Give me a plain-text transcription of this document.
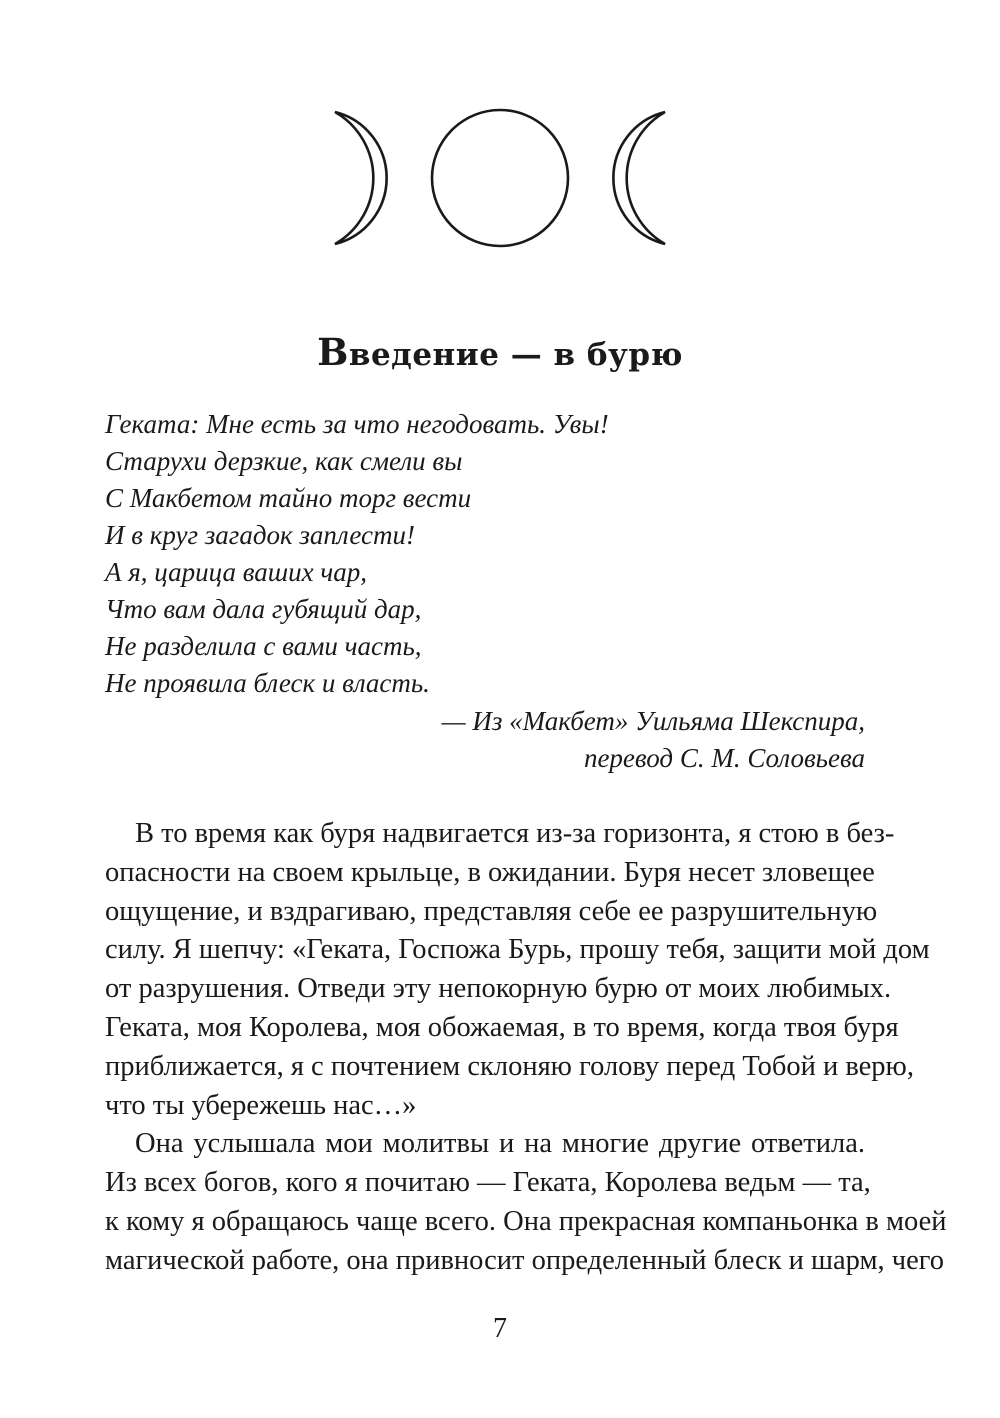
Введение — в бурю
Геката: Мне есть за что негодовать. Увы!
Старухи дерзкие, как смели вы
С Макбетом тайно торг вести
И в круг загадок заплести!
А я, царица ваших чар,
Что вам дала губящий дар,
Не разделила с вами часть,
Не проявила блеск и власть.
— Из «Макбет» Уильяма Шекспира,
перевод С. М. Соловьева

В то время как буря надвигается из-за горизонта, я стою в без-
опасности на своем крыльце, в ожидании. Буря несет зловещее
ощущение, и вздрагиваю, представляя себе ее разрушительную
силу. Я шепчу: «Геката, Госпожа Бурь, прошу тебя, защити мой дом
от разрушения. Отведи эту непокорную бурю от моих любимых.
Геката, моя Королева, моя обожаемая, в то время, когда твоя буря
приближается, я с почтением склоняю голову перед Тобой и верю,
что ты убережешь нас…»

Она услышала мои молитвы и на многие другие ответила.
Из всех богов, кого я почитаю — Геката, Королева ведьм — та,
к кому я обращаюсь чаще всего. Она прекрасная компаньонка в моей
магической работе, она привносит определенный блеск и шарм, чего

7
